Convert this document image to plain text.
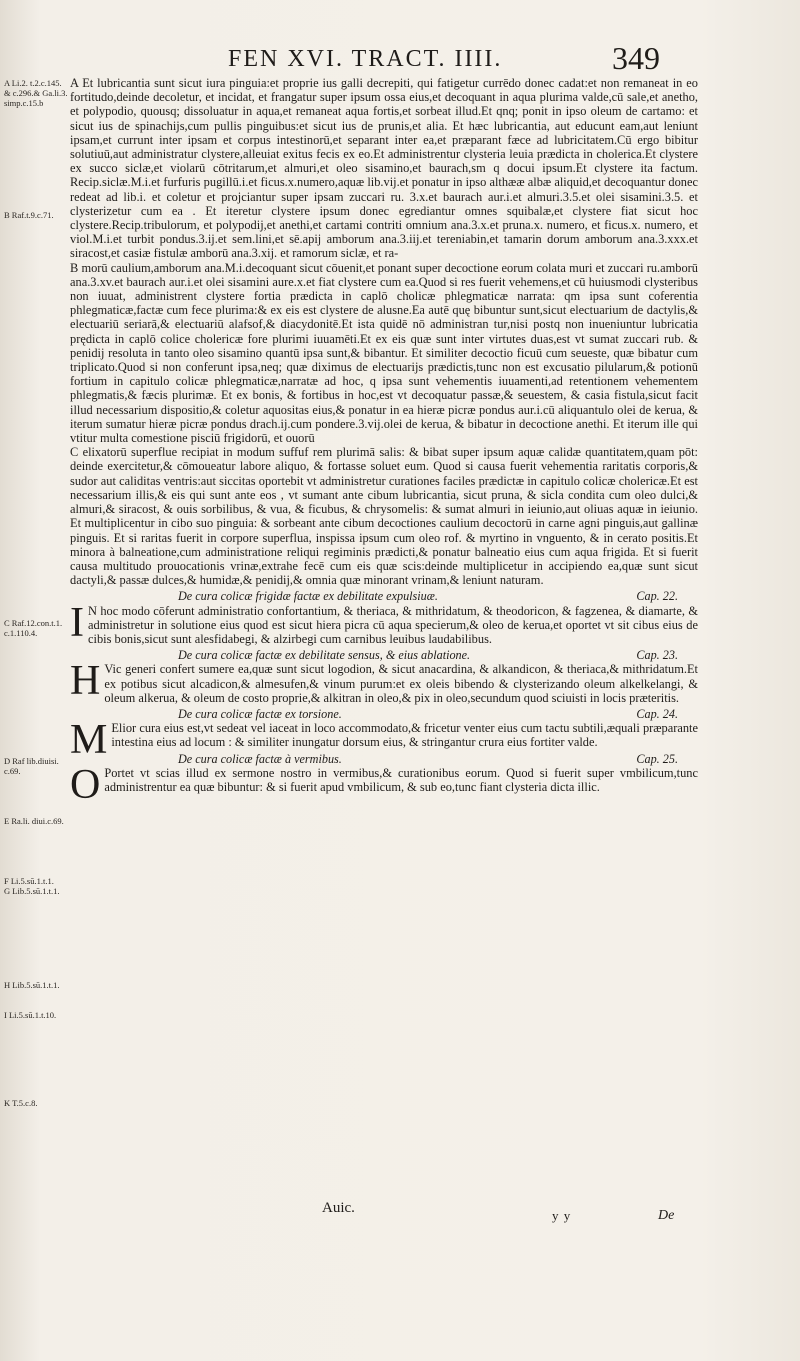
FEN XVI. TRACT. IIII.	349
A Li.2. t.2.c.145.
& c.296.& Ga.li.3.
simp.c.15.b
B Raf.t.9.c.71.
C Raf.12.con.t.1.
c.1.110.4.
D Raf lib.diuisi.
c.69.
E Ra.li. diui.c.69.
F Li.5.sū.1.t.1.
G Lib.5.sū.1.t.1.
H Lib.5.sū.1.t.1.
I Li.5.sū.1.t.10.
K T.5.c.8.

A Et lubricantia sunt sicut iura pinguia:et proprie ius galli decrepiti, qui fatigetur currēdo donec cadat:et non remaneat in eo fortitudo,deinde decoletur, et incidat, et frangatur super ipsum ossa eius,et decoquant in aqua plurima valde,cū sale,et anetho, et polypodio, quousq; dissoluatur in aqua,et remaneat aqua fortis,et sorbeat illud.Et qnq; ponit in ipso oleum de cartamo: et sicut ius de spinachijs,cum pullis pinguibus:et sicut ius de prunis,et alia. Et hæc lubricantia, aut educunt eam,aut leniunt ipsam,et currunt inter ipsam et corpus intestinorū,et separant inter ea,et præparant fæce ad lubricitatem.Cū ergo bibitur solutiuū,aut administratur clystere,alleuiat exitus fecis ex eo.Et administrentur clysteria leuia prædicta in cholerica.Et clystere ex succo siclæ,et violarū cōtritarum,et almuri,et oleo sisamino,et baurach,sm q docui ipsum.Et clystere ita factum. Recip.siclæ.M.i.et furfuris pugillū.i.et ficus.x.numero,aquæ lib.vij.et ponatur in ipso althææ albæ aliquid,et decoquantur donec redeat ad lib.i. et coletur et projciantur super ipsam zuccari ru. 3.x.et baurach aur.i.et almuri.3.5.et olei sisamini.3.5. et clysterizetur cum ea . Et iteretur clystere ipsum donec egrediantur omnes squibalæ,et clystere fiat sicut hoc clystere.Recip.tribulorum, et polypodij,et anethi,et cartami contriti omnium ana.3.x.et pruna.x. numero, et ficus.x. numero, et viol.M.i.et turbit pondus.3.ij.et sem.lini,et sē.apij amborum ana.3.iij.et tereniabin,et tamarin dorum amborum ana.3.xxx.et siracost,et casiæ fistulæ amborū ana.3.xij. et ramorum siclæ, et ra-

B morū caulium,amborum ana.M.i.decoquant sicut cōuenit,et ponant super decoctione eorum colata muri et zuccari ru.amborū ana.3.xv.et baurach aur.i.et olei sisamini aure.x.et fiat clystere cum ea.Quod si res fuerit vehemens,et cū huiusmodi clysteribus non iuuat, administrent clystere fortia prædicta in caplō cholicæ phlegmaticæ narrata: qm ipsa sunt coferentia phlegmaticæ,factæ cum fece plurima:& ex eis est clystere de alusne.Ea autē quę bibuntur sunt,sicut electuarium de dactylis,& electuariū seriarā,& electuariū alafsof,& diacydonitē.Et ista quidē nō administran tur,nisi postq non inueniuntur lubricatia prędicta in caplō colice cholericæ fore plurimi iuuamēti.Et ex eis quæ sunt inter virtutes duas,est vt sumat zuccari rub. & penidij resoluta in tanto oleo sisamino quantū ipsa sunt,& bibantur. Et similiter decoctio ficuū cum seueste, quæ bibatur cum triplicato.Quod si non conferunt ipsa,neq; quæ diximus de electuarijs prædictis,tunc non est excusatio pilularum,& potionū fortium in capitulo colicæ phlegmaticæ,narratæ ad hoc, q ipsa sunt vehementis iuuamenti,ad retentionem vehementem phlegmatis,& fæcis plurimæ. Et ex bonis, & fortibus in hoc,est vt decoquatur passæ,& seuestem, & casia fistula,sicut facit illud necessarium dispositio,& coletur aquositas eius,& ponatur in ea hieræ picræ pondus aur.i.cū aliquantulo olei de kerua, & iterum sumatur hieræ picræ pondus drach.ij.cum pondere.3.vij.olei de kerua, & bibatur in decoctione anethi. Et iterum ille qui vtitur multa comestione pisciū frigidorū, et ouorū

C elixatorū superflue recipiat in modum suffuf rem plurimā salis: & bibat super ipsum aquæ calidæ quantitatem,quam pōt: deinde exercitetur,& cōmoueatur labore aliquo, & fortasse soluet eum. Quod si causa fuerit vehementia raritatis corporis,& sudor aut caliditas ventris:aut siccitas oportebit vt administretur curationes faciles prædictæ in capitulo colicæ cholericæ.Et est necessarium illis,& eis qui sunt ante eos , vt sumant ante cibum lubricantia, sicut pruna, & sicla condita cum oleo dulci,& almuri,& siracost, & ouis sorbilibus, & vua, & ficubus, & chrysomelis: & sumat almuri in ieiunio,aut oliuas aquæ in ieiunio. Et multiplicentur in cibo suo pinguia: & sorbeant ante cibum decoctiones caulium decoctorū in carne agni pinguis,aut gallinæ pinguis. Et si raritas fuerit in corpore superflua, inspissa ipsum cum oleo rof. & myrtino in vnguento, & in cerato positis.Et minora à balneatione,cum administratione reliqui regiminis prædicti,& ponatur balneatio eius cum aqua frigida. Et si fuerit causa multitudo prouocationis vrinæ,extrahe fecē cum eis quæ scis:deinde multiplicetur in accipiendo ea,quæ sunt sicut dactyli,& passæ dulces,& humidæ,& penidij,& omnia quæ minorant vrinam,& leniunt naturam.

De cura colicæ frigidæ factæ ex debilitate expulsiuæ.	Cap. 22.

I N hoc modo cōferunt administratio confortantium, & theriaca, & mithridatum, & theodoricon, & fagzenea, & diamarte, & administretur in solutione eius quod est sicut hiera picra cū aqua specierum,& oleo de kerua,et oportet vt sit cibus eius de cibis bonis,sicut sunt alesfidabegi, & alzirbegi cum carnibus leuibus laudabilibus.

De cura colicæ factæ ex debilitate sensus, & eius ablatione.	Cap. 23.

H Vic generi confert sumere ea,quæ sunt sicut logodion, & sicut anacardina, & alkandicon, & theriaca,& mithridatum.Et ex potibus sicut alcadicon,& almesufen,& vinum purum:et ex oleis bibendo & clysterizando oleum alkelkelangi, & oleum alkerua, & oleum de costo proprie,& alkitran in oleo,& pix in oleo,secundum quod sciuisti in locis præteritis.

De cura colicæ factæ ex torsione.	Cap. 24.

M Elior cura eius est,vt sedeat vel iaceat in loco accommodato,& fricetur venter eius cum tactu subtili,æquali præparante intestina eius ad locum : & similiter inungatur dorsum eius, & stringantur crura eius fortiter valde.

De cura colicæ factæ à vermibus.	Cap. 25.

O Portet vt scias illud ex sermone nostro in vermibus,& curationibus eorum. Quod si fuerit super vmbilicum,tunc administrentur ea quæ bibuntur: & si fuerit apud vmbilicum, & sub eo,tunc fiant clysteria dicta illic.

Auic.	y y	De
